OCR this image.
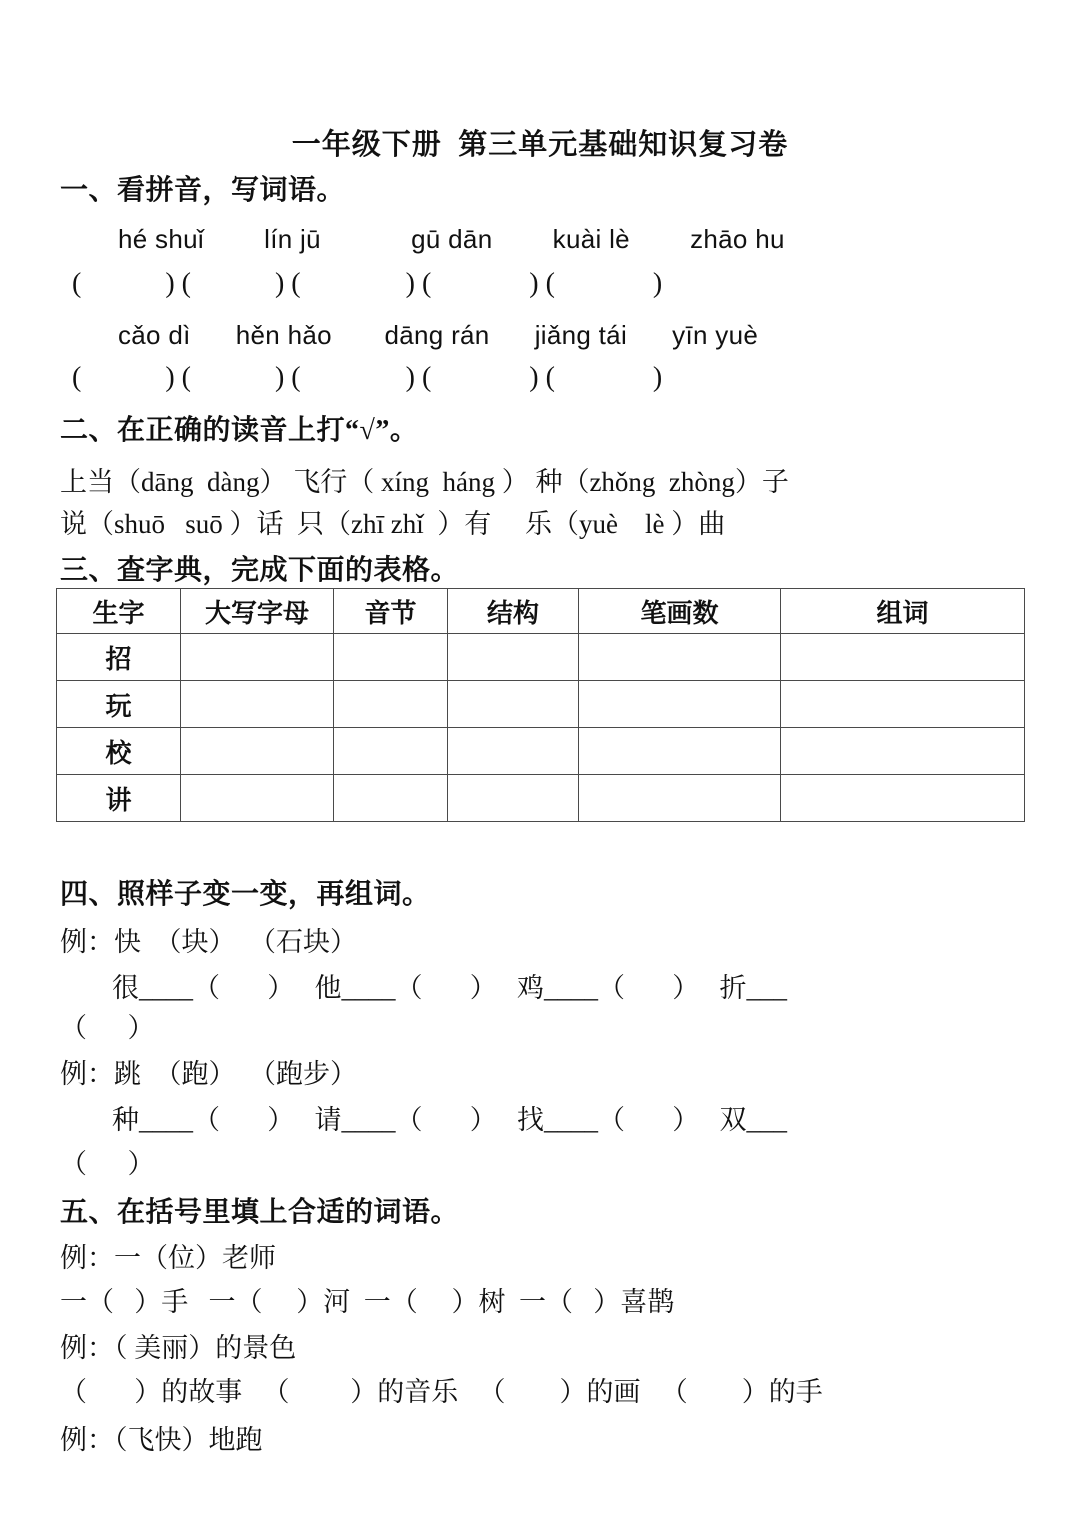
一年级下册  第三单元基础知识复习卷
一、看拼音，写词语。
hé shuǐ        lín jū            gū dān        kuài lè        zhāo hu
(            ) (            ) (               ) (              ) (              )
cǎo dì      hěn hǎo       dāng rán      jiǎng tái      yīn yuè
(            ) (            ) (               ) (              ) (              )
二、在正确的读音上打“√”。
上当（dāng  dàng） 飞行（ xíng  háng ） 种（zhǒng  zhòng）子
说（shuō   suō ）话  只（zhī zhǐ  ）有     乐（yuè    lè ）曲
三、查字典，完成下面的表格。
生字	大写字母	音节	结构	笔画数	组词
招					
玩					
校					
讲					
四、照样子变一变，再组词。
例：快  （块）  （石块）
很____（       ）   他____（       ）   鸡____（       ）   折___
（      ）
例：跳  （跑）  （跑步）
种____（       ）   请____（       ）   找____（       ）   双___
（      ）
五、在括号里填上合适的词语。
例：一（位）老师
一（   ）手   一（     ）河  一（     ）树  一（   ）喜鹊
例：（ 美丽）的景色
（       ）的故事   （         ）的音乐   （        ）的画   （        ）的手
例：（飞快）地跑
